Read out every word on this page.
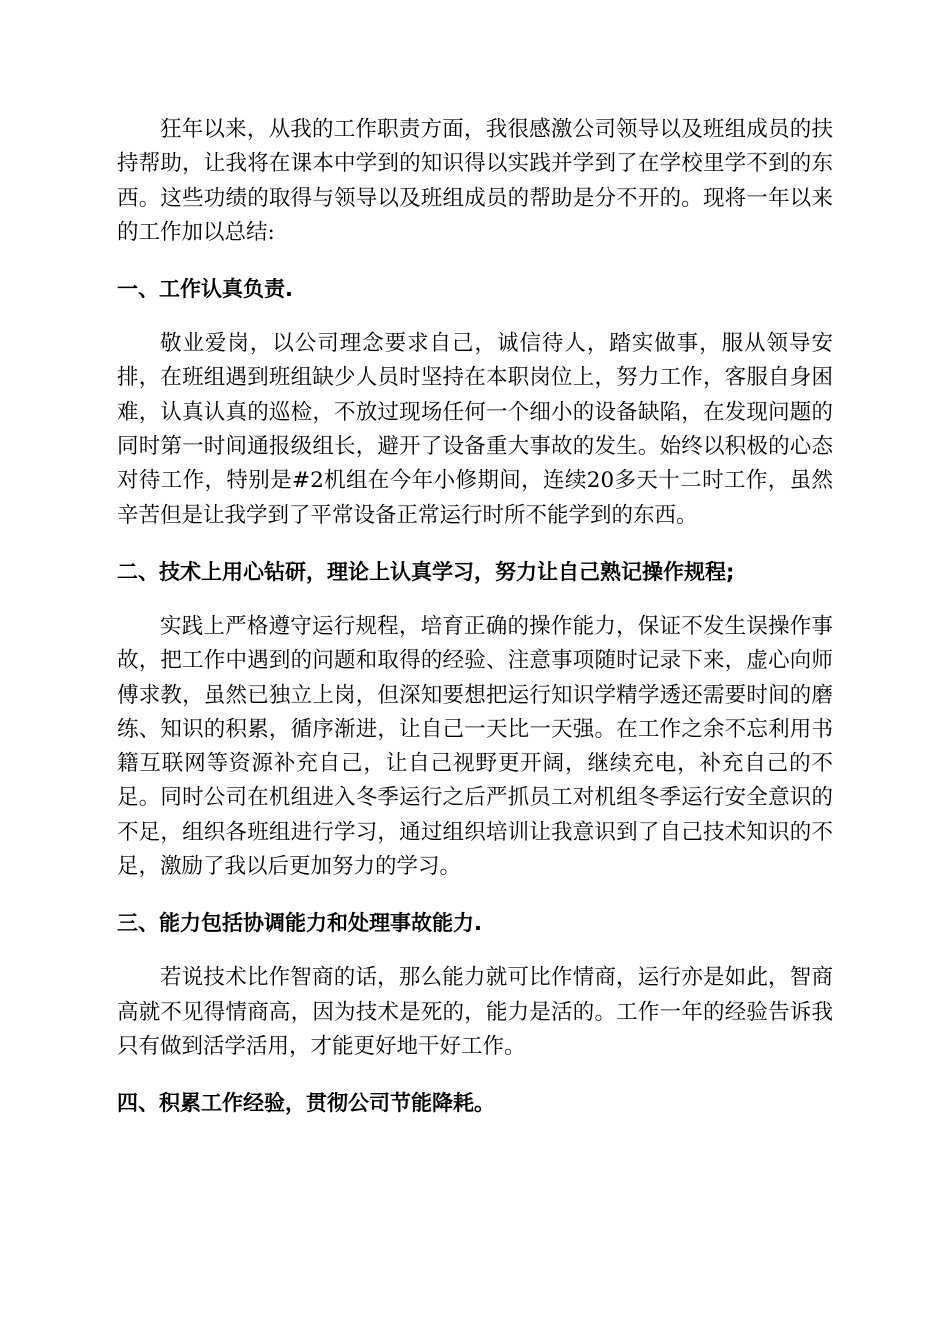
狂年以来，从我的工作职责方面，我很感激公司领导以及班组成员的扶持帮助，让我将在课本中学到的知识得以实践并学到了在学校里学不到的东西。这些功绩的取得与领导以及班组成员的帮助是分不开的。现将一年以来的工作加以总结:

一、工作认真负责.

敬业爱岗，以公司理念要求自己，诚信待人，踏实做事，服从领导安排，在班组遇到班组缺少人员时坚持在本职岗位上，努力工作，客服自身困难，认真认真的巡检，不放过现场任何一个细小的设备缺陷，在发现问题的同时第一时间通报级组长，避开了设备重大事故的发生。始终以积极的心态对待工作，特别是#2机组在今年小修期间，连续20多天十二时工作，虽然辛苦但是让我学到了平常设备正常运行时所不能学到的东西。

二、技术上用心钻研，理论上认真学习，努力让自己熟记操作规程;

实践上严格遵守运行规程，培育正确的操作能力，保证不发生误操作事故，把工作中遇到的问题和取得的经验、注意事项随时记录下来，虚心向师傅求教，虽然已独立上岗，但深知要想把运行知识学精学透还需要时间的磨练、知识的积累，循序渐进，让自己一天比一天强。在工作之余不忘利用书籍互联网等资源补充自己，让自己视野更开阔，继续充电，补充自己的不足。同时公司在机组进入冬季运行之后严抓员工对机组冬季运行安全意识的不足，组织各班组进行学习，通过组织培训让我意识到了自己技术知识的不足，激励了我以后更加努力的学习。

三、能力包括协调能力和处理事故能力.

若说技术比作智商的话，那么能力就可比作情商，运行亦是如此，智商高就不见得情商高，因为技术是死的，能力是活的。工作一年的经验告诉我只有做到活学活用，才能更好地干好工作。

四、积累工作经验，贯彻公司节能降耗。
